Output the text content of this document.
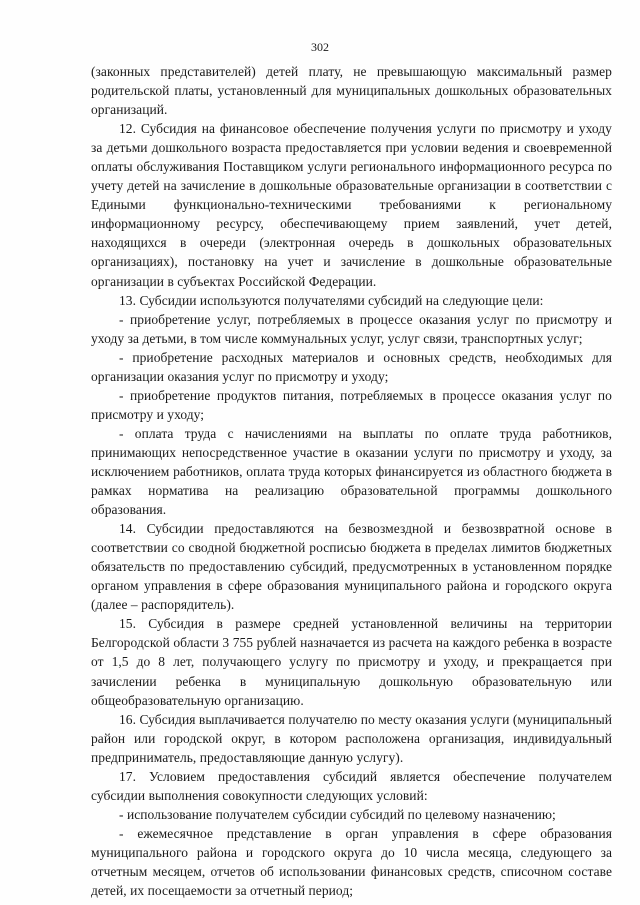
302

(законных представителей) детей плату, не превышающую максимальный размер родительской платы, установленный для муниципальных дошкольных образовательных организаций.

12. Субсидия на финансовое обеспечение получения услуги по присмотру и уходу за детьми дошкольного возраста предоставляется при условии ведения и своевременной оплаты обслуживания Поставщиком услуги регионального информационного ресурса по учету детей на зачисление в дошкольные образовательные организации в соответствии с Едиными функционально-техническими требованиями к региональному информационному ресурсу, обеспечивающему прием заявлений, учет детей, находящихся в очереди (электронная очередь в дошкольных образовательных организациях), постановку на учет и зачисление в дошкольные образовательные организации в субъектах Российской Федерации.

13. Субсидии используются получателями субсидий на следующие цели:

- приобретение услуг, потребляемых в процессе оказания услуг по присмотру и уходу за детьми, в том числе коммунальных услуг, услуг связи, транспортных услуг;

- приобретение расходных материалов и основных средств, необходимых для организации оказания услуг по присмотру и уходу;

- приобретение продуктов питания, потребляемых в процессе оказания услуг по присмотру и уходу;

- оплата труда с начислениями на выплаты по оплате труда работников, принимающих непосредственное участие в оказании услуги по присмотру и уходу, за исключением работников, оплата труда которых финансируется из областного бюджета в рамках норматива на реализацию образовательной программы дошкольного образования.

14. Субсидии предоставляются на безвозмездной и безвозвратной основе в соответствии со сводной бюджетной росписью бюджета в пределах лимитов бюджетных обязательств по предоставлению субсидий, предусмотренных в установленном порядке органом управления в сфере образования муниципального района и городского округа (далее – распорядитель).

15. Субсидия в размере средней установленной величины на территории Белгородской области 3 755 рублей назначается из расчета на каждого ребенка в возрасте от 1,5 до 8 лет, получающего услугу по присмотру и уходу, и прекращается при зачислении ребенка в муниципальную дошкольную образовательную или общеобразовательную организацию.

16. Субсидия выплачивается получателю по месту оказания услуги (муниципальный район или городской округ, в котором расположена организация, индивидуальный предприниматель, предоставляющие данную услугу).

17. Условием предоставления субсидий является обеспечение получателем субсидии выполнения совокупности следующих условий:

- использование получателем субсидии субсидий по целевому назначению;

- ежемесячное представление в орган управления в сфере образования муниципального района и городского округа до 10 числа месяца, следующего за отчетным месяцем, отчетов об использовании финансовых средств, списочном составе детей, их посещаемости за отчетный период;
